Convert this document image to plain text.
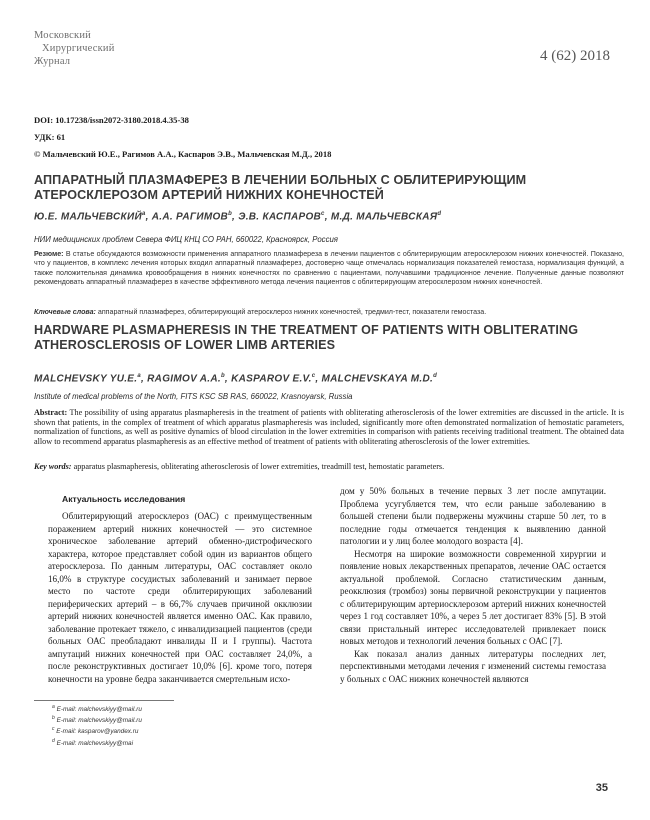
Московский
Хирургический
Журнал	4 (62) 2018
DOI: 10.17238/issn2072-3180.2018.4.35-38
УДК: 61
© Мальчевский Ю.Е., Рагимов А.А., Каспаров Э.В., Мальчевская М.Д., 2018
АППАРАТНЫЙ ПЛАЗМАФЕРЕЗ В ЛЕЧЕНИИ БОЛЬНЫХ С ОБЛИТЕРИРУЮЩИМ
АТЕРОСКЛЕРОЗОМ АРТЕРИЙ НИЖНИХ КОНЕЧНОСТЕЙ
Ю.Е. МАЛЬЧЕВСКИЙ$^a$, А.А. РАГИМОВ$^b$, Э.В. КАСПАРОВ$^c$, М.Д. МАЛЬЧЕВСКАЯ$^d$
НИИ медицинских проблем Севера ФИЦ КНЦ СО РАН, 660022, Красноярск, Россия
Резюме: В статье обсуждаются возможности применения аппаратного плазмафереза в лечении пациентов с облитерирующим атеросклерозом нижних конечностей. Показано, что у пациентов, в комплекс лечения которых входил аппаратный плазмаферез, достоверно чаще отмечалась нормализация показателей гемостаза, нормализация функций, а также положительная динамика кровообращения в нижних конечностях по сравнению с пациентами, получавшими традиционное лечение. Полученные данные позволяют рекомендовать аппаратный плазмаферез в качестве эффективного метода лечения пациентов с облитерирующим атеросклерозом нижних конечностей.
Ключевые слова: аппаратный плазмаферез, облитерирующий атеросклероз нижних конечностей, тредмил-тест, показатели гемостаза.
HARDWARE PLASMAPHERESIS IN THE TREATMENT OF PATIENTS WITH OBLITERATING
ATHEROSCLEROSIS OF LOWER LIMB ARTERIES
MALCHEVSKY YU.E.$^a$, RAGIMOV A.A.$^b$, KASPAROV E.V.$^c$, MALCHEVSKAYA M.D.$^d$
Institute of medical problems of the North, FITS KSC SB RAS, 660022, Krasnoyarsk, Russia
Abstract: The possibility of using apparatus plasmapheresis in the treatment of patients with obliterating atherosclerosis of the lower extremities are discussed in the article. It is shown that patients, in the complex of treatment of which apparatus plasmapheresis was included, significantly more often demonstrated normalization of hemostatic parameters, normalization of functions, as well as positive dynamics of blood circulation in the lower extremities in comparison with patients receiving traditional treatment. The obtained data allow to recommend apparatus plasmapheresis as an effective method of treatment of patients with obliterating atherosclerosis of the lower extremities.
Key words: apparatus plasmapheresis, obliterating atherosclerosis of lower extremities, treadmill test, hemostatic parameters.
Актуальность исследования

Облитерирующий атеросклероз (ОАС) с преимущественным поражением артерий нижних конечностей — это системное хроническое заболевание артерий обменно-дистрофического характера, которое представляет собой один из вариантов общего атеросклероза. По данным литературы, ОАС составляет около 16,0% в структуре сосудистых заболеваний и занимает первое место по частоте среди облитерирующих заболеваний периферических артерий – в 66,7% случаев причиной окклюзии артерий нижних конечностей является именно ОАС. Как правило, заболевание протекает тяжело, с инвалидизацией пациентов (среди больных ОАС преобладают инвалиды II и I группы). Частота ампутаций нижних конечностей при ОАС составляет 24,0%, а после реконструктивных достигает 10,0% [6]. кроме того, потеря конечности на уровне бедра заканчивается смертельным исхо-

дом у 50% больных в течение первых 3 лет после ампутации. Проблема усугубляется тем, что если раньше заболеванию в большей степени были подвержены мужчины старше 50 лет, то в последние годы отмечается тенденция к выявлению данной патологии и у лиц более молодого возраста [4].

Несмотря на широкие возможности современной хирургии и появление новых лекарственных препаратов, лечение ОАС остается актуальной проблемой. Согласно статистическим данным, реокклюзия (тромбоз) зоны первичной реконструкции у пациентов с облитерирующим артериосклерозом артерий нижних конечностей через 1 год составляет 10%, а через 5 лет достигает 83% [5]. В этой связи пристальный интерес исследователей привлекает поиск новых методов и технологий лечения больных с ОАС [7].

Как показал анализ данных литературы последних лет, перспективными методами лечения г изменений системы гемостаза у больных с ОАС нижних конечностей являются

$^a$ E-mail: malchevskiyy@mail.ru
$^b$ E-mail: malchevskiyy@mail.ru
$^c$ E-mail: kasparov@yandex.ru
$^d$ E-mail: malchevskiyy@mai
35
